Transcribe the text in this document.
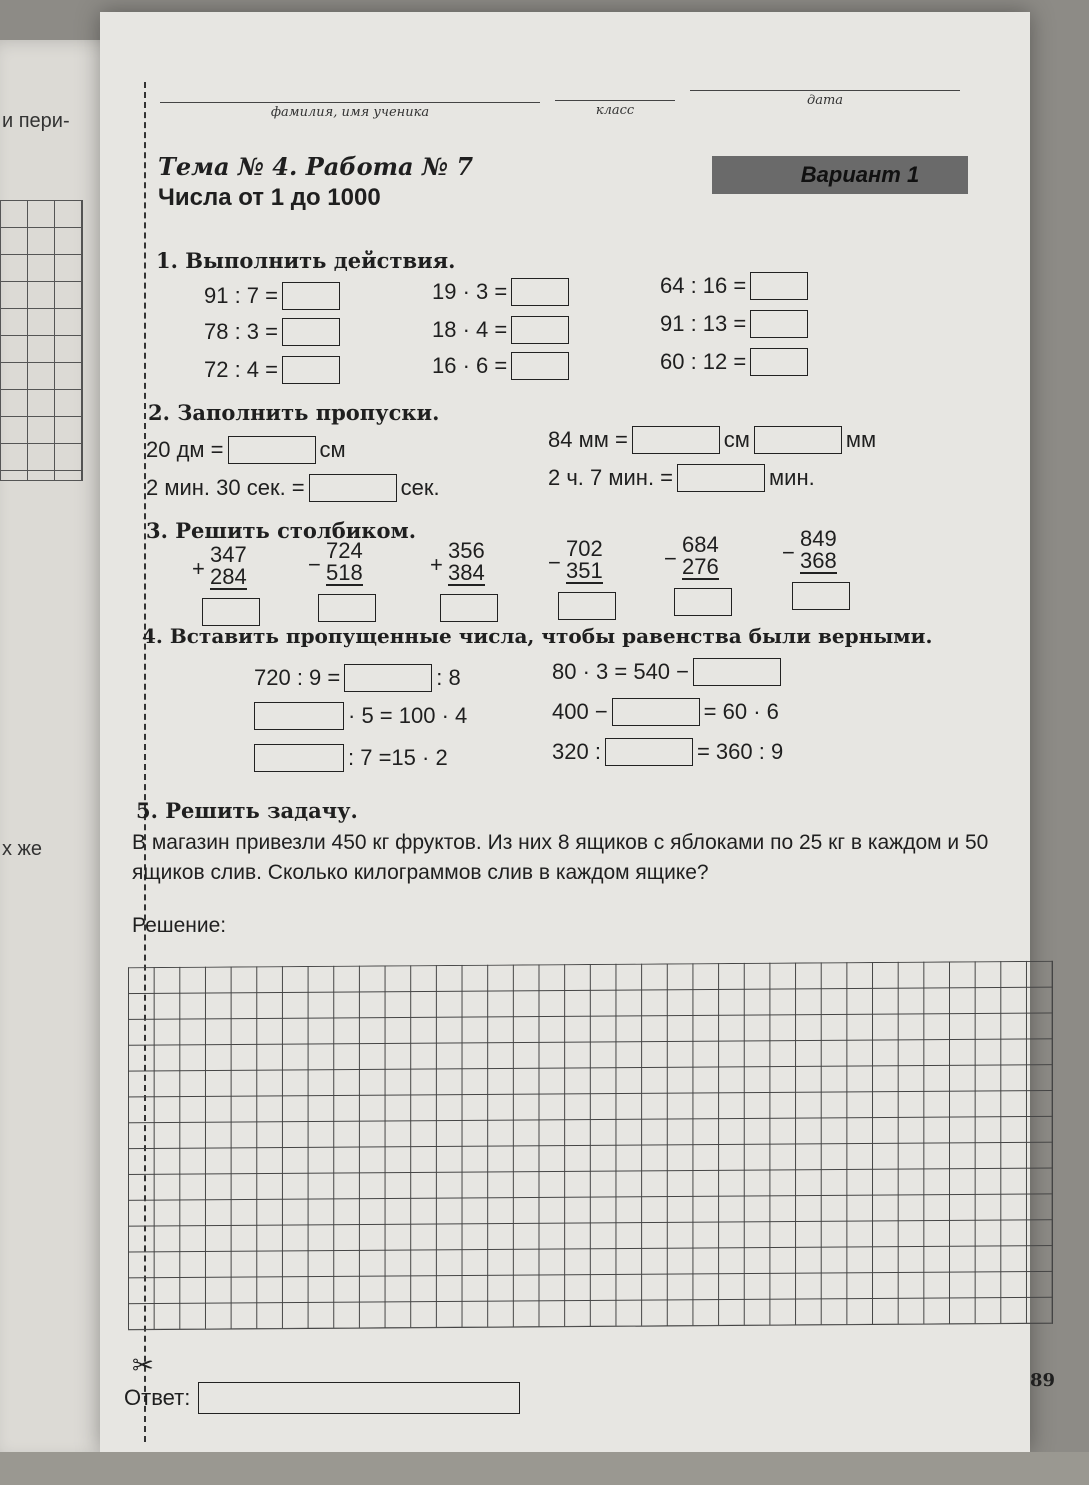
и пери-
х же
✂
фамилия, имя ученика	класс
дата
Тема № 4. Работа № 7
Числа от 1 до 1000
Вариант 1
1. Выполнить действия.
91 : 7 =
78 : 3 =
72 : 4 =
19 · 3 =
18 · 4 =
16 · 6 =
64 : 16 =
91 : 13 =
60 : 12 =
2. Заполнить пропуски.
20 дм =	см	84 мм =	см	мм
2 мин. 30 сек. =	сек.	2 ч. 7 мин. =	мин.
3. Решить столбиком.
+
347
284	−
724
518	+
356
384	−
702
351	−
684
276
−
849
368
4. Вставить пропущенные числа, чтобы равенства были верными.
720 : 9 =	: 8
· 5 = 100 · 4
: 7 =15 · 2
80 · 3 = 540 −
400 −	= 60 · 6
320 :	= 360 : 9
5. Решить задачу.
В магазин привезли 450 кг фруктов. Из них 8 ящиков с яблоками по 25 кг в каждом и 50 ящиков слив. Сколько килограммов слив в каждом ящике?
Решение:
Ответ:
89
